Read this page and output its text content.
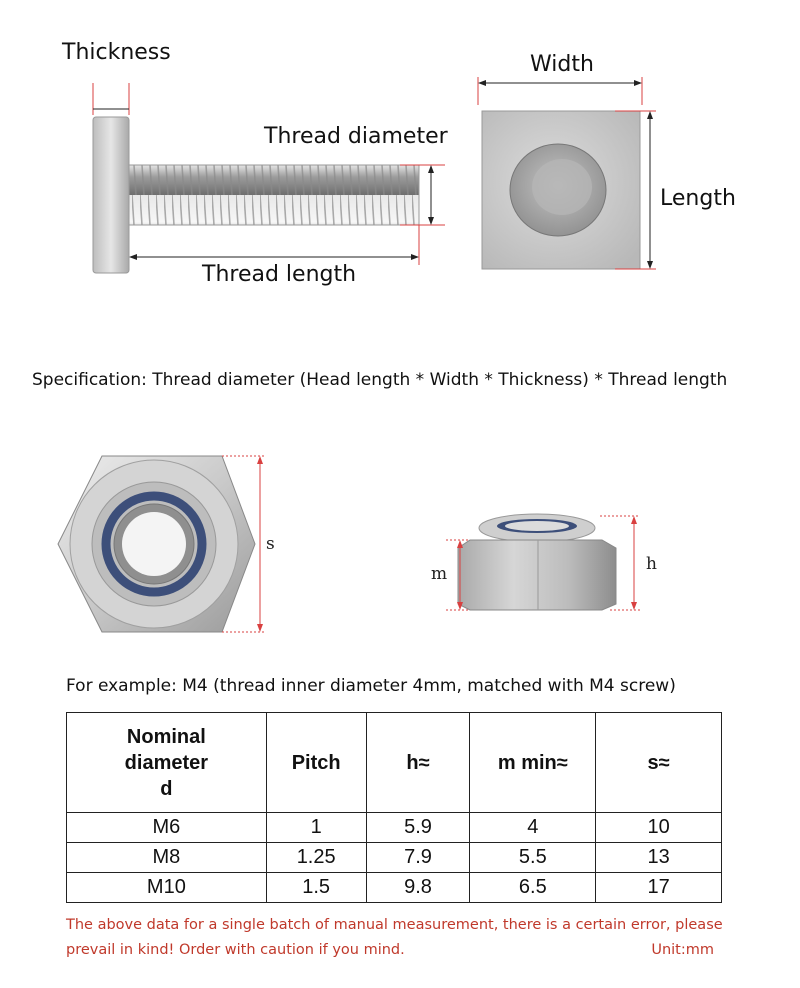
Thickness
Thread diameter
Thread length
Width
Length
Specification: Thread diameter (Head length * Width * Thickness) * Thread length
s
m	h
For example: M4 (thread inner diameter 4mm, matched with M4 screw)
Nominal
diameter
d	Pitch	h≈	m min≈	s≈
M6	1	5.9	4	10
M8	1.25	7.9	5.5	13
M10	1.5	9.8	6.5	17
The above data for a single batch of manual measurement, there is a certain error, please
prevail in kind! Order with caution if you mind.	Unit:mm
